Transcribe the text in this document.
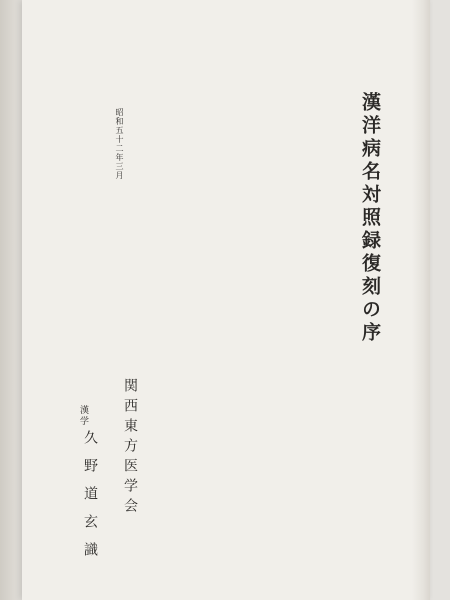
漢洋病名対照録復刻の序
昭和五十二年三月
関西東方医学会
漢学
久野道玄識
